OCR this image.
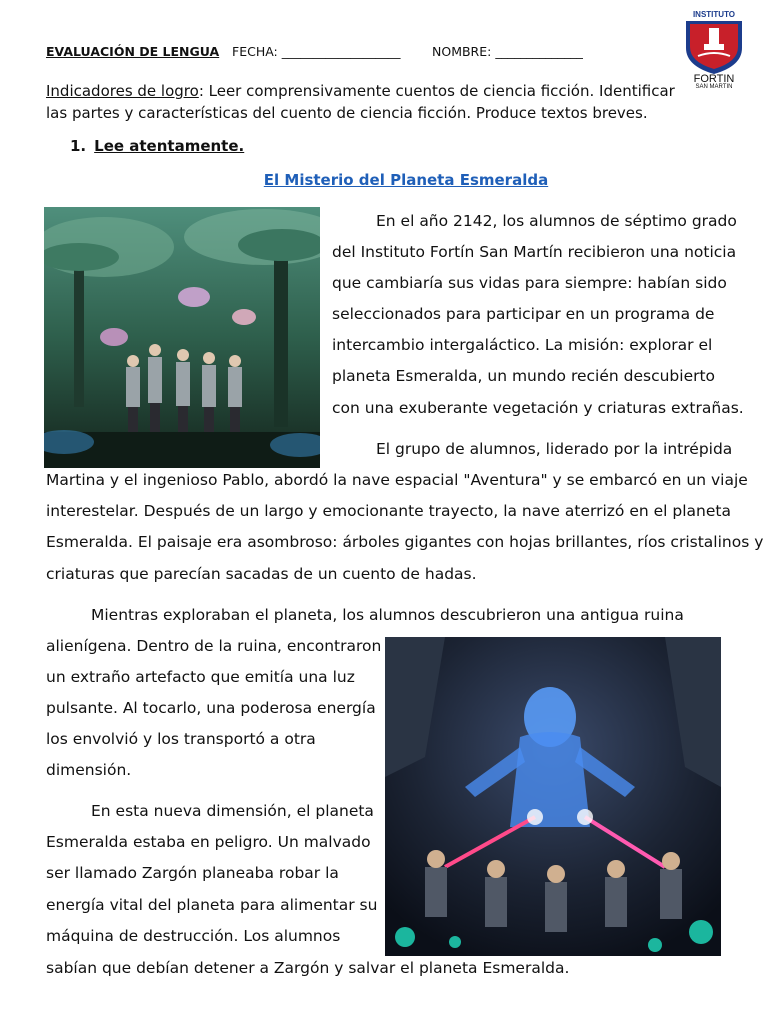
EVALUACIÓN DE LENGUA FECHA: ___________________	NOMBRE: ______________
INSTITUTO
FORTIN
SAN MARTIN
Indicadores de logro: Leer comprensivamente cuentos de ciencia ficción. Identificar las partes y características del cuento de ciencia ficción. Produce textos breves.
1. Lee atentamente.
El Misterio del Planeta Esmeralda
En el año 2142, los alumnos de séptimo grado
del Instituto Fortín San Martín recibieron una noticia
que cambiaría sus vidas para siempre: habían sido
seleccionados para participar en un programa de
intercambio intergaláctico. La misión: explorar el
planeta Esmeralda, un mundo recién descubierto
con una exuberante vegetación y criaturas extrañas.
El grupo de alumnos, liderado por la intrépida
Martina y el ingenioso Pablo, abordó la nave espacial "Aventura" y se embarcó en un viaje
interestelar. Después de un largo y emocionante trayecto, la nave aterrizó en el planeta
Esmeralda. El paisaje era asombroso: árboles gigantes con hojas brillantes, ríos cristalinos y
criaturas que parecían sacadas de un cuento de hadas.
Mientras exploraban el planeta, los alumnos descubrieron una antigua ruina
alienígena. Dentro de la ruina, encontraron
un extraño artefacto que emitía una luz
pulsante. Al tocarlo, una poderosa energía
los envolvió y los transportó a otra
dimensión.
En esta nueva dimensión, el planeta
Esmeralda estaba en peligro. Un malvado
ser llamado Zargón planeaba robar la
energía vital del planeta para alimentar su
máquina de destrucción. Los alumnos
sabían que debían detener a Zargón y salvar el planeta Esmeralda.
